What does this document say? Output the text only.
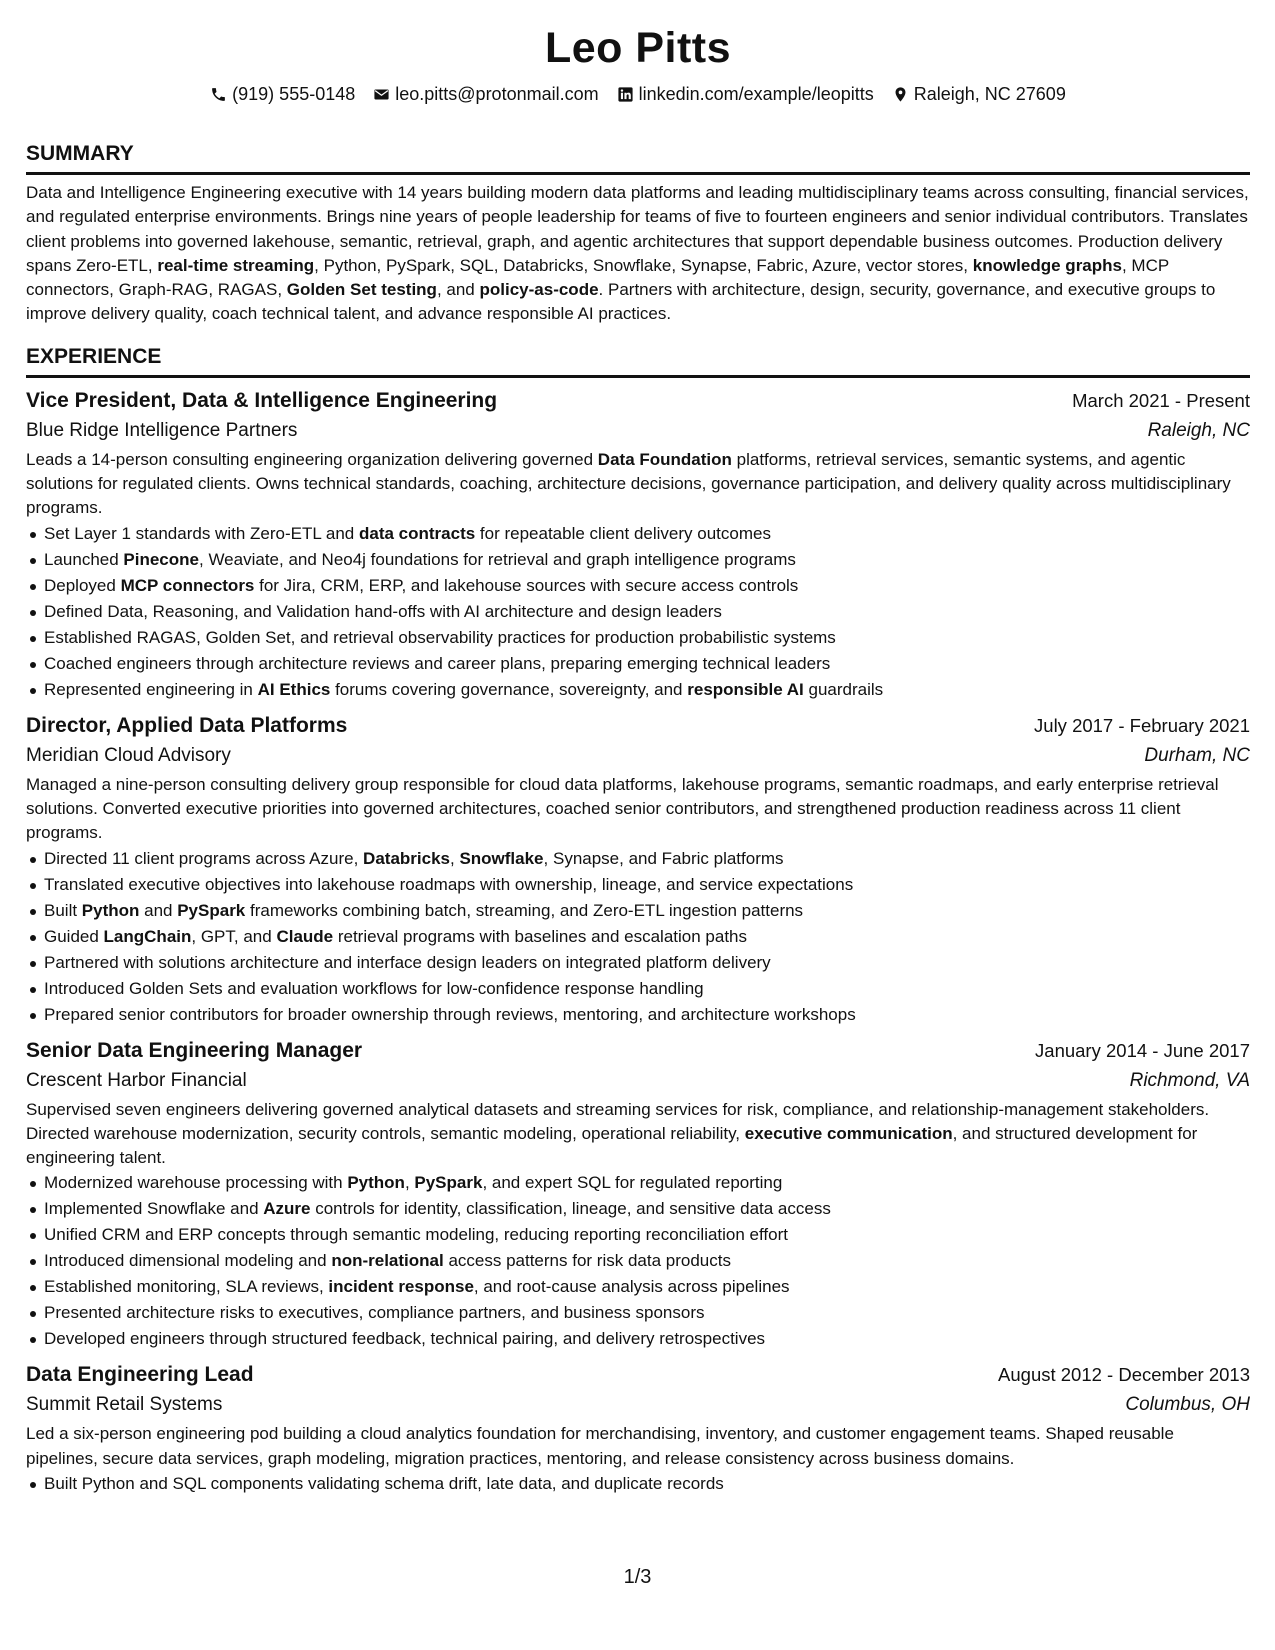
Leo Pitts
(919) 555-0148 leo.pitts@protonmail.com linkedin.com/example/leopitts Raleigh, NC 27609
SUMMARY
Data and Intelligence Engineering executive with 14 years building modern data platforms and leading multidisciplinary teams across consulting, financial services, and regulated enterprise environments. Brings nine years of people leadership for teams of five to fourteen engineers and senior individual contributors. Translates client problems into governed lakehouse, semantic, retrieval, graph, and agentic architectures that support dependable business outcomes. Production delivery spans Zero-ETL, real-time streaming, Python, PySpark, SQL, Databricks, Snowflake, Synapse, Fabric, Azure, vector stores, knowledge graphs, MCP connectors, Graph-RAG, RAGAS, Golden Set testing, and policy-as-code. Partners with architecture, design, security, governance, and executive groups to improve delivery quality, coach technical talent, and advance responsible AI practices.
EXPERIENCE
Vice President, Data & Intelligence Engineering	March 2021 - Present
Blue Ridge Intelligence Partners	Raleigh, NC
Leads a 14-person consulting engineering organization delivering governed Data Foundation platforms, retrieval services, semantic systems, and agentic solutions for regulated clients. Owns technical standards, coaching, architecture decisions, governance participation, and delivery quality across multidisciplinary programs.
Set Layer 1 standards with Zero-ETL and data contracts for repeatable client delivery outcomes
Launched Pinecone, Weaviate, and Neo4j foundations for retrieval and graph intelligence programs
Deployed MCP connectors for Jira, CRM, ERP, and lakehouse sources with secure access controls
Defined Data, Reasoning, and Validation hand-offs with AI architecture and design leaders
Established RAGAS, Golden Set, and retrieval observability practices for production probabilistic systems
Coached engineers through architecture reviews and career plans, preparing emerging technical leaders
Represented engineering in AI Ethics forums covering governance, sovereignty, and responsible AI guardrails
Director, Applied Data Platforms	July 2017 - February 2021
Meridian Cloud Advisory	Durham, NC
Managed a nine-person consulting delivery group responsible for cloud data platforms, lakehouse programs, semantic roadmaps, and early enterprise retrieval solutions. Converted executive priorities into governed architectures, coached senior contributors, and strengthened production readiness across 11 client programs.
Directed 11 client programs across Azure, Databricks, Snowflake, Synapse, and Fabric platforms
Translated executive objectives into lakehouse roadmaps with ownership, lineage, and service expectations
Built Python and PySpark frameworks combining batch, streaming, and Zero-ETL ingestion patterns
Guided LangChain, GPT, and Claude retrieval programs with baselines and escalation paths
Partnered with solutions architecture and interface design leaders on integrated platform delivery
Introduced Golden Sets and evaluation workflows for low-confidence response handling
Prepared senior contributors for broader ownership through reviews, mentoring, and architecture workshops
Senior Data Engineering Manager	January 2014 - June 2017
Crescent Harbor Financial	Richmond, VA
Supervised seven engineers delivering governed analytical datasets and streaming services for risk, compliance, and relationship-management stakeholders. Directed warehouse modernization, security controls, semantic modeling, operational reliability, executive communication, and structured development for engineering talent.
Modernized warehouse processing with Python, PySpark, and expert SQL for regulated reporting
Implemented Snowflake and Azure controls for identity, classification, lineage, and sensitive data access
Unified CRM and ERP concepts through semantic modeling, reducing reporting reconciliation effort
Introduced dimensional modeling and non-relational access patterns for risk data products
Established monitoring, SLA reviews, incident response, and root-cause analysis across pipelines
Presented architecture risks to executives, compliance partners, and business sponsors
Developed engineers through structured feedback, technical pairing, and delivery retrospectives
Data Engineering Lead	August 2012 - December 2013
Summit Retail Systems	Columbus, OH
Led a six-person engineering pod building a cloud analytics foundation for merchandising, inventory, and customer engagement teams. Shaped reusable pipelines, secure data services, graph modeling, migration practices, mentoring, and release consistency across business domains.
Built Python and SQL components validating schema drift, late data, and duplicate records
1/3
